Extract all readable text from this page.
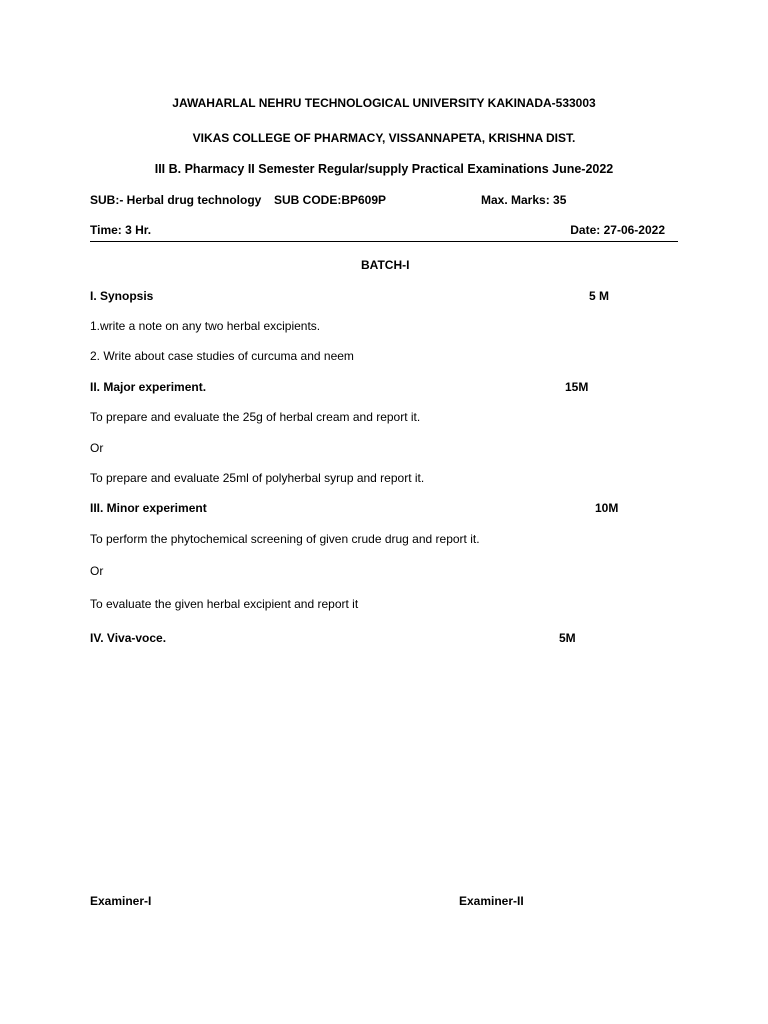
JAWAHARLAL NEHRU TECHNOLOGICAL UNIVERSITY KAKINADA-533003
VIKAS COLLEGE OF PHARMACY, VISSANNAPETA, KRISHNA DIST.
III B. Pharmacy II Semester Regular/supply Practical Examinations June-2022
SUB:- Herbal drug technology SUB CODE:BP609P	Max. Marks: 35
Time: 3 Hr.	Date: 27-06-2022
BATCH-I
I. Synopsis	5 M
1.write a note on any two herbal excipients.
2. Write about case studies of curcuma and neem
II. Major experiment.	15M
To prepare and evaluate the 25g of herbal cream and report it.
Or
To prepare and evaluate 25ml of polyherbal syrup and report it.
III. Minor experiment	10M
To perform the phytochemical screening of given crude drug and report it.
Or
To evaluate the given herbal excipient and report it
IV. Viva-voce.	5M
Examiner-I	Examiner-II
